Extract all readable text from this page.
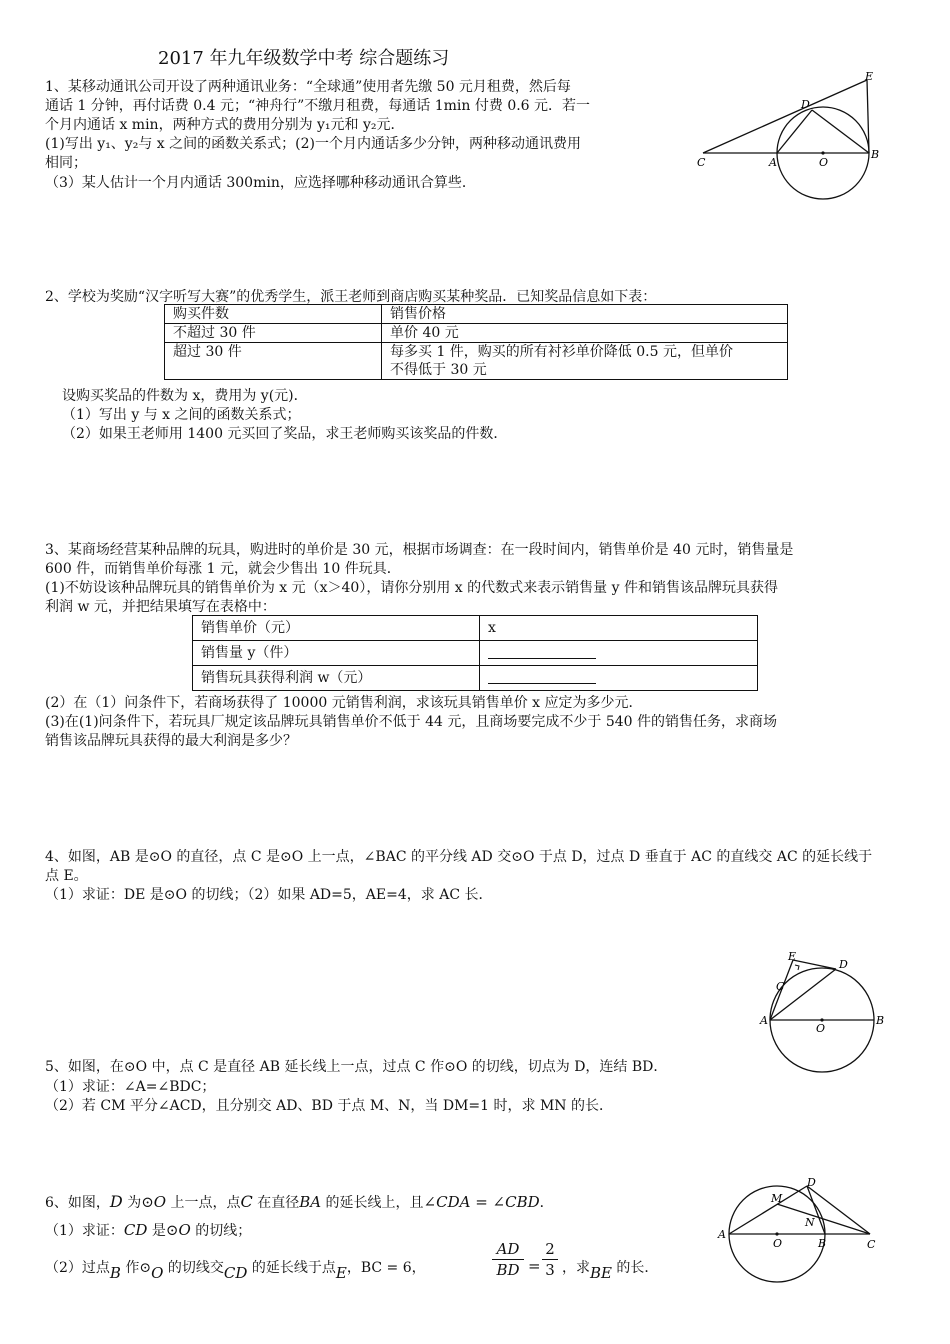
2017 年九年级数学中考 综合题练习
1、某移动通讯公司开设了两种通讯业务：“全球通”使用者先缴 50 元月租费，然后每
通话 1 分钟，再付话费 0.4 元；“神舟行”不缴月租费，每通话 1min 付费 0.6 元．若一
个月内通话 x min，两种方式的费用分别为 y₁元和 y₂元．
(1)写出 y₁、y₂与 x 之间的函数关系式；(2)一个月内通话多少分钟，两种移动通讯费用
相同；
（3）某人估计一个月内通话 300min，应选择哪种移动通讯合算些．
E
D
C	A	O
B
2、学校为奖励“汉字听写大赛”的优秀学生，派王老师到商店购买某种奖品．已知奖品信息如下表：
购买件数	销售价格
不超过 30 件	单价 40 元
超过 30 件	每多买 1 件，购买的所有衬衫单价降低 0.5 元，但单价
不得低于 30 元
设购买奖品的件数为 x，费用为 y(元)．
（1）写出 y 与 x 之间的函数关系式；
（2）如果王老师用 1400 元买回了奖品，求王老师购买该奖品的件数．
3、某商场经营某种品牌的玩具，购进时的单价是 30 元，根据市场调查：在一段时间内，销售单价是 40 元时，销售量是
600 件，而销售单价每涨 1 元，就会少售出 10 件玩具．
(1)不妨设该种品牌玩具的销售单价为 x 元（x＞40），请你分别用 x 的代数式来表示销售量 y 件和销售该品牌玩具获得
利润 w 元，并把结果填写在表格中：
销售单价（元）	x
销售量 y（件）	
销售玩具获得利润 w（元）	
(2）在（1）问条件下，若商场获得了 10000 元销售利润，求该玩具销售单价 x 应定为多少元．
(3)在(1)问条件下，若玩具厂规定该品牌玩具销售单价不低于 44 元，且商场要完成不少于 540 件的销售任务，求商场
销售该品牌玩具获得的最大利润是多少？
4、如图，AB 是⊙O 的直径，点 C 是⊙O 上一点，∠BAC 的平分线 AD 交⊙O 于点 D，过点 D 垂直于 AC 的直线交 AC 的延长线于
点 E。
（1）求证：DE 是⊙O 的切线；（2）如果 AD=5，AE=4，求 AC 长．
E
D
C
A
O
B
5、如图，在⊙O 中，点 C 是直径 AB 延长线上一点，过点 C 作⊙O 的切线，切点为 D，连结 BD．
（1）求证：∠A=∠BDC；
（2）若 CM 平分∠ACD，且分别交 AD、BD 于点 M、N，当 DM=1 时，求 MN 的长．
6、如图，D 为⊙O 上一点，点C 在直径BA 的延长线上，且∠CDA = ∠CBD．
（1）求证：CD 是⊙O 的切线；
（2）过点B 作⊙O 的切线交CD 的延长线于点E，BC = 6，
AD
BD =
2
3 ，求BE 的长．
M
D
A
O
N
B	C
